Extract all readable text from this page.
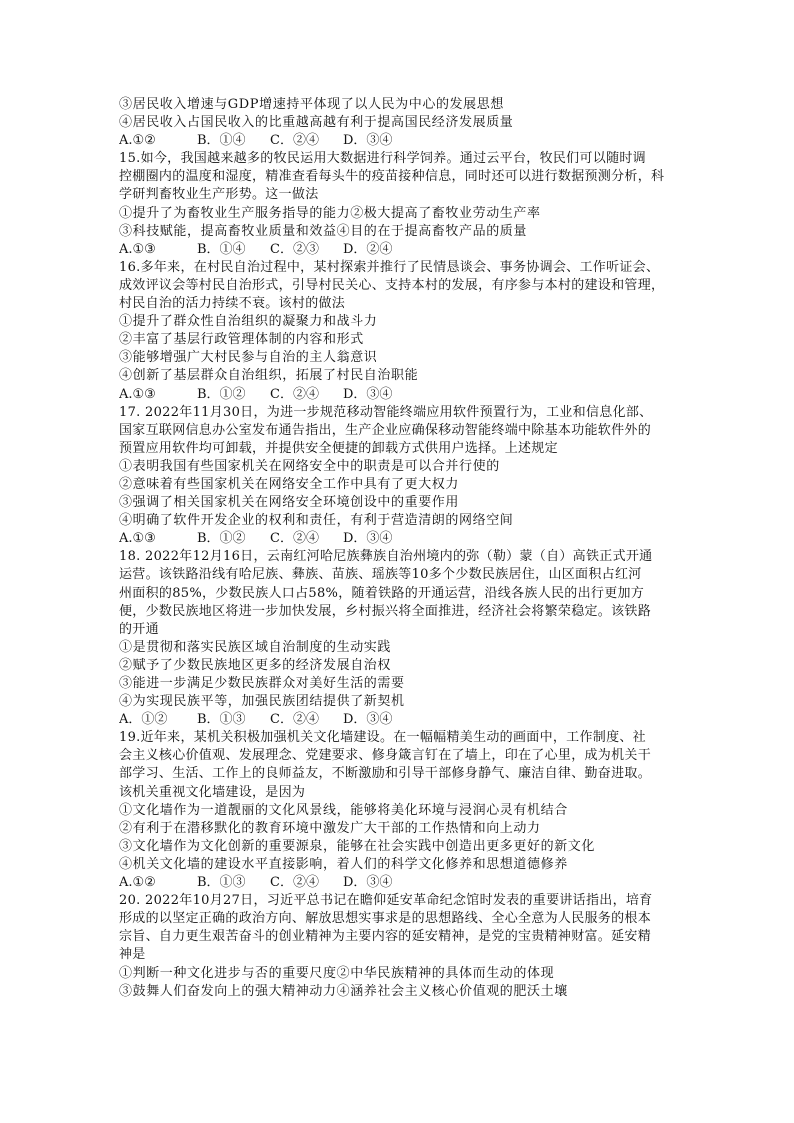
③居民收入增速与GDP增速持平体现了以人民为中心的发展思想
④居民收入占国民收入的比重越高越有利于提高国民经济发展质量
A.①②	B．①④ C．②④ D．③④
15.如今，我国越来越多的牧民运用大数据进行科学饲养。通过云平台，牧民们可以随时调
控棚圈内的温度和湿度，精准查看每头牛的疫苗接种信息，同时还可以进行数据预测分析，科
学研判畜牧业生产形势。这一做法
①提升了为畜牧业生产服务指导的能力②极大提高了畜牧业劳动生产率
③科技赋能，提高畜牧业质量和效益④目的在于提高畜牧产品的质量
A.①③	B．①④ C．②③ D．②④
16.多年来，在村民自治过程中，某村探索并推行了民情恳谈会、事务协调会、工作听证会、
成效评议会等村民自治形式，引导村民关心、支持本村的发展，有序参与本村的建设和管理，
村民自治的活力持续不衰。该村的做法
①提升了群众性自治组织的凝聚力和战斗力
②丰富了基层行政管理体制的内容和形式
③能够增强广大村民参与自治的主人翁意识
④创新了基层群众自治组织，拓展了村民自治职能
A.①③	B．①② C．②④ D．③④
17. 2022年11月30日，为进一步规范移动智能终端应用软件预置行为，工业和信息化部、
国家互联网信息办公室发布通告指出，生产企业应确保移动智能终端中除基本功能软件外的
预置应用软件均可卸载，并提供安全便捷的卸载方式供用户选择。上述规定
①表明我国有些国家机关在网络安全中的职责是可以合并行使的
②意味着有些国家机关在网络安全工作中具有了更大权力
③强调了相关国家机关在网络安全环境创设中的重要作用
④明确了软件开发企业的权利和责任，有利于营造清朗的网络空间
A.①③	B．①② C．②④ D．③④
18. 2022年12月16日，云南红河哈尼族彝族自治州境内的弥（勒）蒙（自）高铁正式开通
运营。该铁路沿线有哈尼族、彝族、苗族、瑶族等10多个少数民族居住，山区面积占红河
州面积的85%，少数民族人口占58%，随着铁路的开通运营，沿线各族人民的出行更加方
便，少数民族地区将进一步加快发展，乡村振兴将全面推进，经济社会将繁荣稳定。该铁路
的开通
①是贯彻和落实民族区域自治制度的生动实践
②赋予了少数民族地区更多的经济发展自治权
③能进一步满足少数民族群众对美好生活的需要
④为实现民族平等，加强民族团结提供了新契机
A．①② B．①③ C．②④ D．③④
19.近年来，某机关积极加强机关文化墙建设。在一幅幅精美生动的画面中，工作制度、社
会主义核心价值观、发展理念、党建要求、修身箴言钉在了墙上，印在了心里，成为机关干
部学习、生活、工作上的良师益友，不断激励和引导干部修身静气、廉洁自律、勤奋进取。
该机关重视文化墙建设，是因为
①文化墙作为一道靓丽的文化风景线，能够将美化环境与浸润心灵有机结合
②有利于在潜移默化的教育环境中激发广大干部的工作热情和向上动力
③文化墙作为文化创新的重要源泉，能够在社会实践中创造出更多更好的新文化
④机关文化墙的建设水平直接影响，着人们的科学文化修养和思想道德修养
A.①②	B．①③ C．②④ D．③④
20. 2022年10月27日，习近平总书记在瞻仰延安革命纪念馆时发表的重要讲话指出，培育
形成的以坚定正确的政治方向、解放思想实事求是的思想路线、全心全意为人民服务的根本
宗旨、自力更生艰苦奋斗的创业精神为主要内容的延安精神，是党的宝贵精神财富。延安精
神是
①判断一种文化进步与否的重要尺度②中华民族精神的具体而生动的体现
③鼓舞人们奋发向上的强大精神动力④涵养社会主义核心价值观的肥沃土壤
